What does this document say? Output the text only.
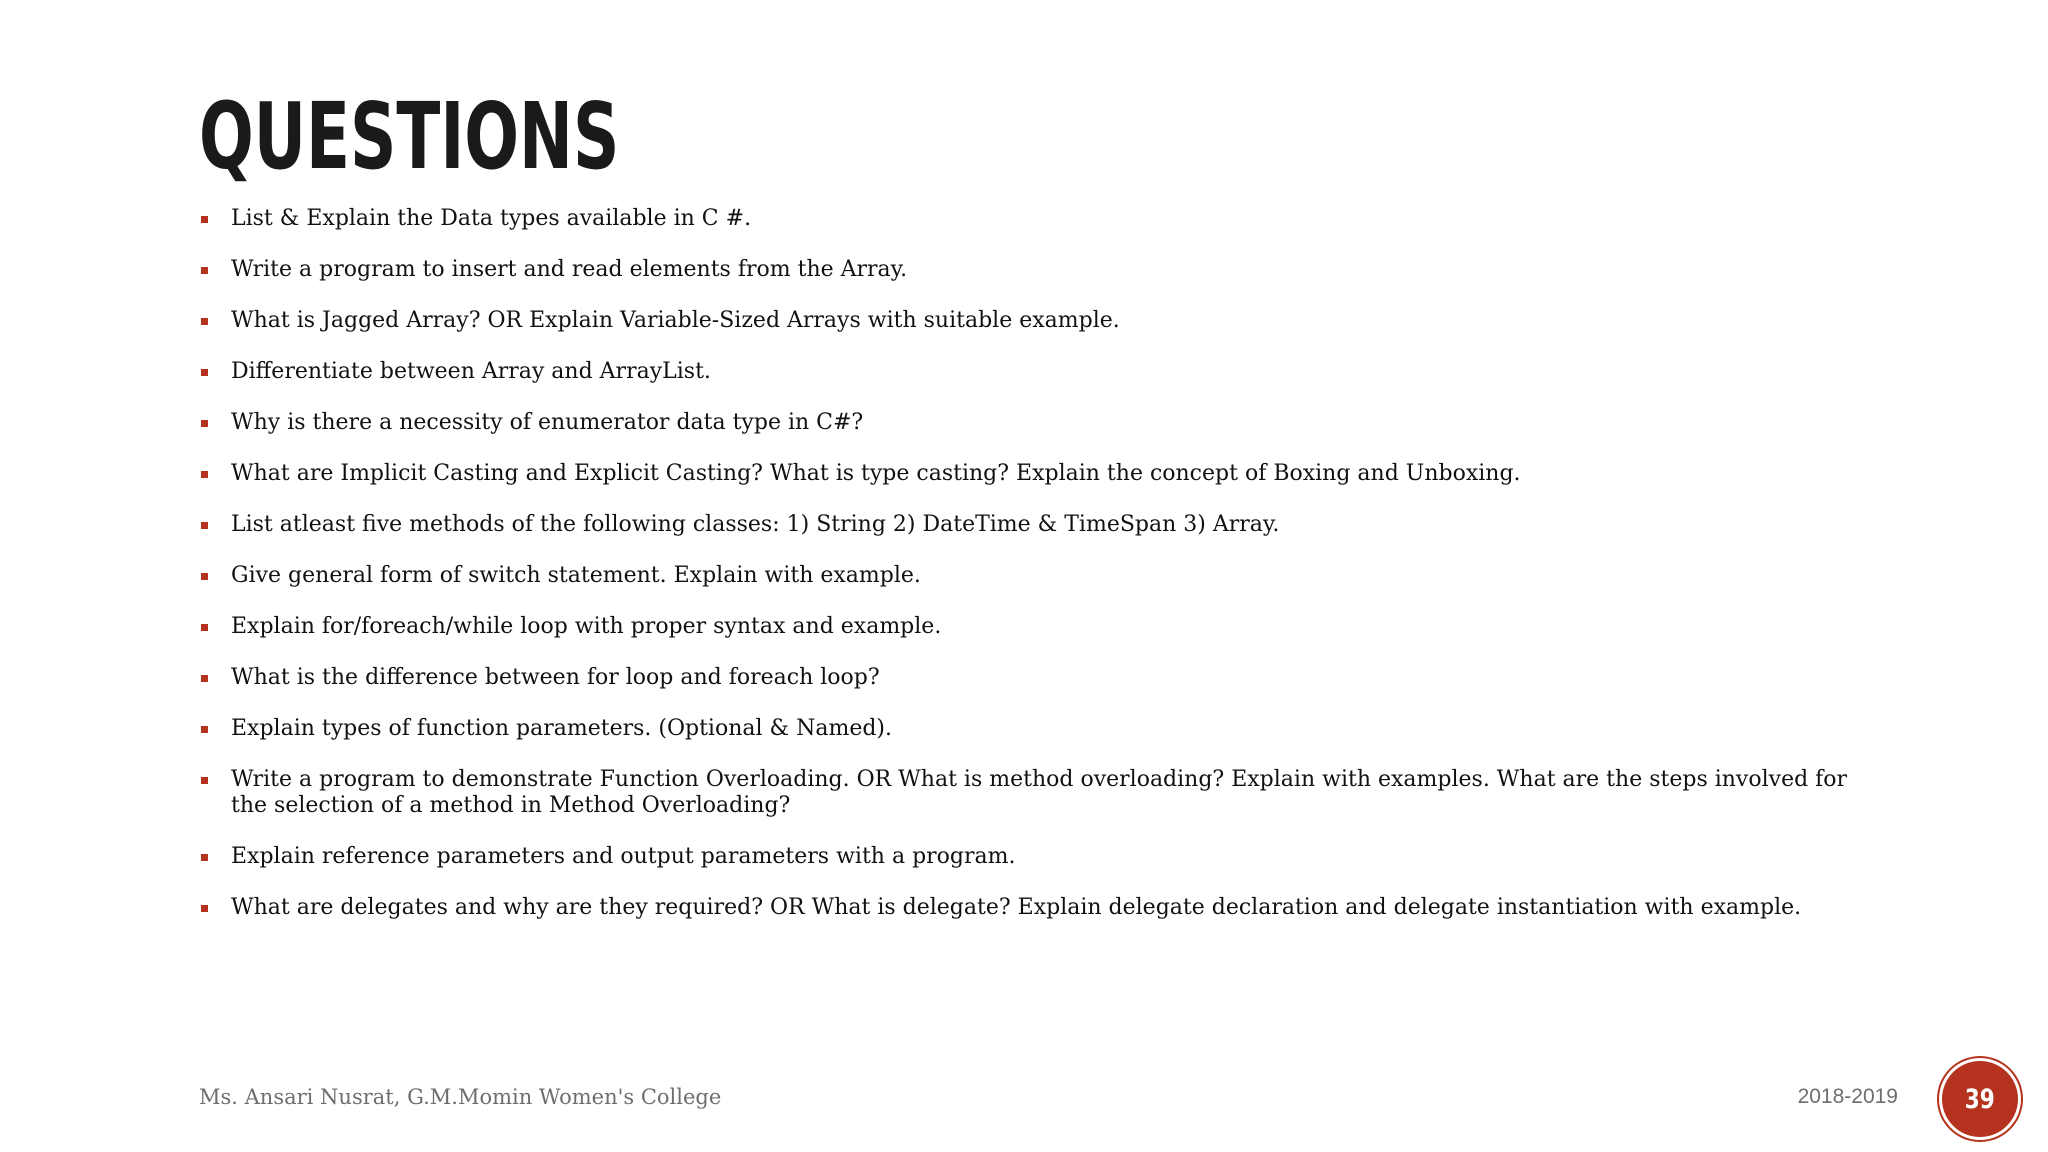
QUESTIONS
List & Explain the Data types available in C #.
Write a program to insert and read elements from the Array.
What is Jagged Array? OR Explain Variable-Sized Arrays with suitable example.
Differentiate between Array and ArrayList.
Why is there a necessity of enumerator data type in C#?
What are Implicit Casting and Explicit Casting? What is type casting? Explain the concept of Boxing and Unboxing.
List atleast five methods of the following classes: 1) String 2) DateTime & TimeSpan 3) Array.
Give general form of switch statement. Explain with example.
Explain for/foreach/while loop with proper syntax and example.
What is the difference between for loop and foreach loop?
Explain types of function parameters. (Optional & Named).
Write a program to demonstrate Function Overloading. OR What is method overloading? Explain with examples. What are the steps involved for the selection of a method in Method Overloading?
Explain reference parameters and output parameters with a program.
What are delegates and why are they required? OR What is delegate? Explain delegate declaration and delegate instantiation with example.
Ms. Ansari Nusrat, G.M.Momin Women's College	2018-2019 39
